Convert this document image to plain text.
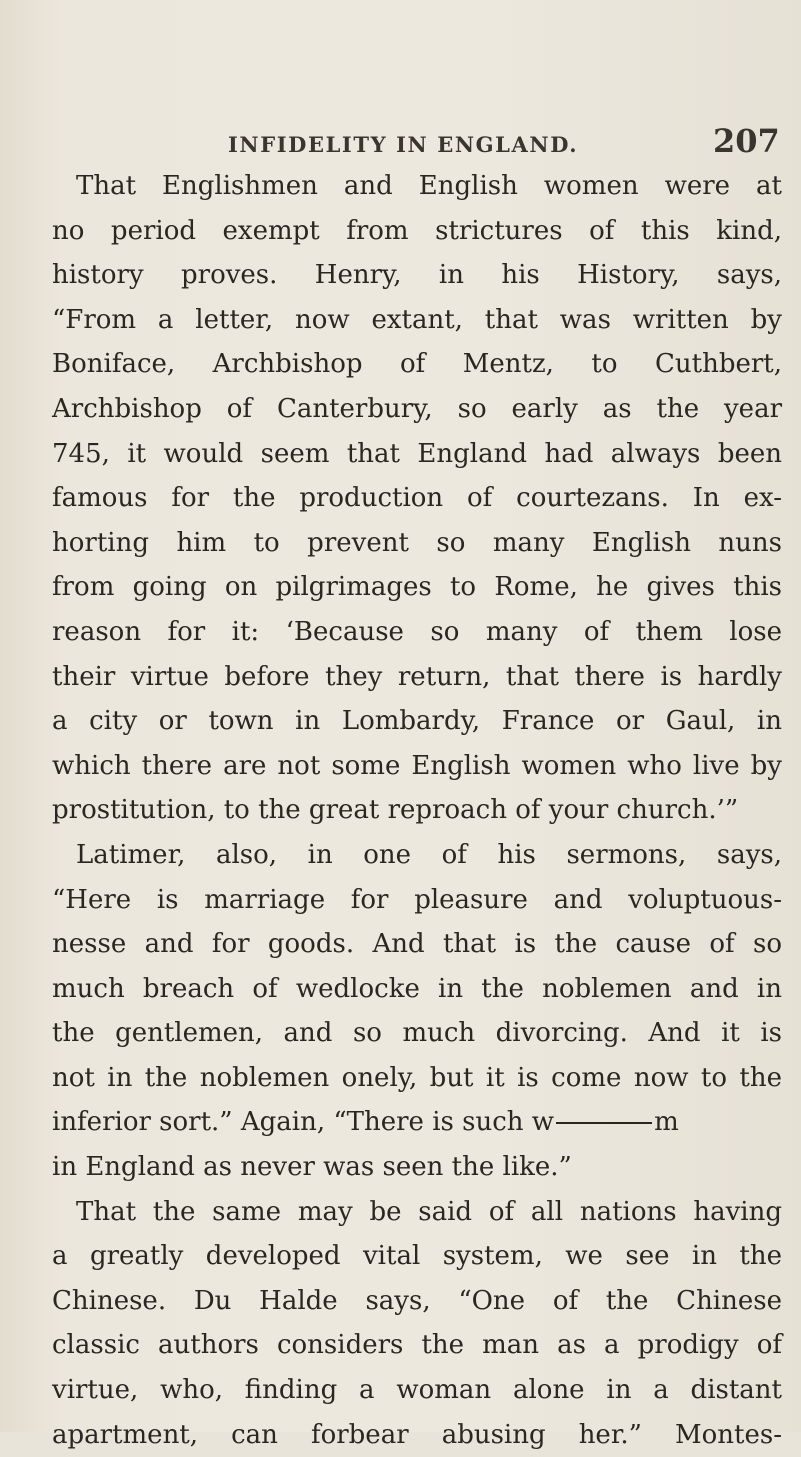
INFIDELITY IN ENGLAND.	207
That Englishmen and English women were at
no period exempt from strictures of this kind,
history proves. Henry, in his History, says,
“From a letter, now extant, that was written by
Boniface, Archbishop of Mentz, to Cuthbert,
Archbishop of Canterbury, so early as the year
745, it would seem that England had always been
famous for the production of courtezans. In ex-
horting him to prevent so many English nuns
from going on pilgrimages to Rome, he gives this
reason for it: ‘Because so many of them lose
their virtue before they return, that there is hardly
a city or town in Lombardy, France or Gaul, in
which there are not some English women who live by
prostitution, to the great reproach of your church.’”
Latimer, also, in one of his sermons, says,
“Here is marriage for pleasure and voluptuous-
nesse and for goods. And that is the cause of so
much breach of wedlocke in the noblemen and in
the gentlemen, and so much divorcing. And it is
not in the noblemen onely, but it is come now to the
inferior sort.” Again, “There is such w	m
in England as never was seen the like.”
That the same may be said of all nations having
a greatly developed vital system, we see in the
Chinese. Du Halde says, “One of the Chinese
classic authors considers the man as a prodigy of
virtue, who, finding a woman alone in a distant
apartment, can forbear abusing her.” Montes-
